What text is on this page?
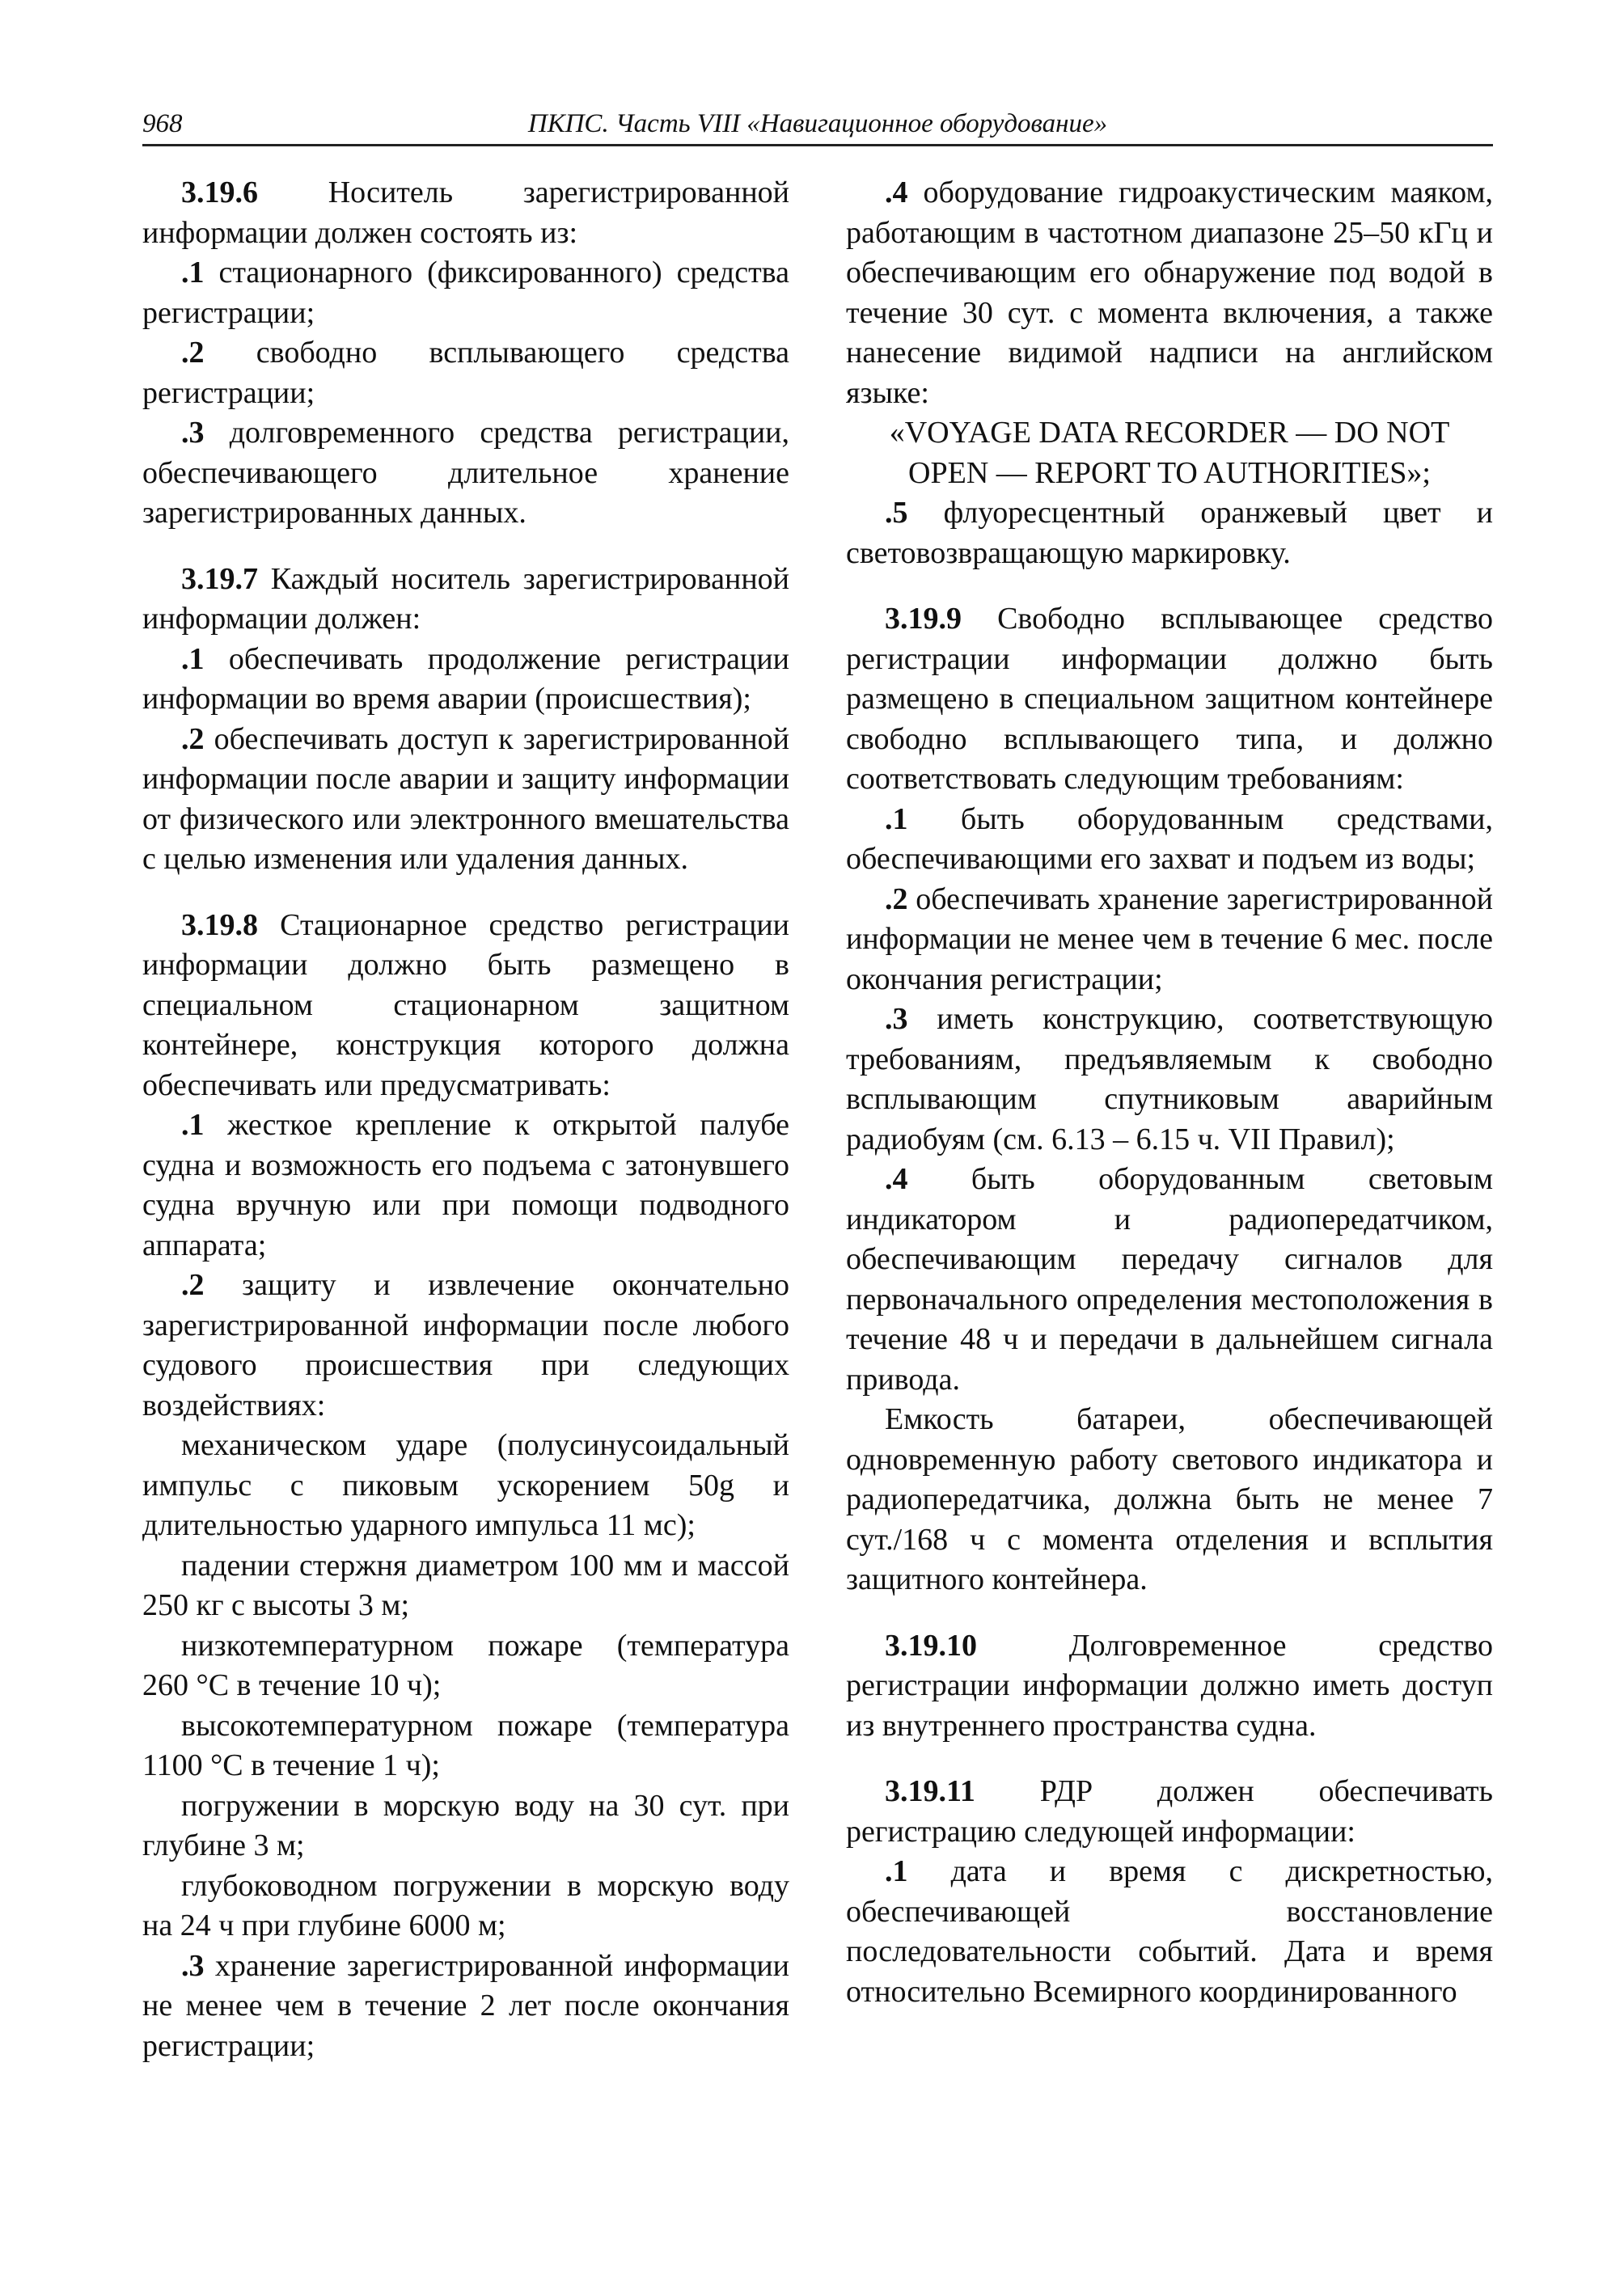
968	ПКПС. Часть VIII «Навигационное оборудование»

3.19.6 Носитель зарегистрированной информации должен состоять из:

.1 стационарного (фиксированного) средства регистрации;

.2 свободно всплывающего средства регистрации;

.3 долговременного средства регистрации, обеспечивающего длительное хранение зарегистрированных данных.

3.19.7 Каждый носитель зарегистрированной информации должен:

.1 обеспечивать продолжение регистрации информации во время аварии (происшествия);

.2 обеспечивать доступ к зарегистрированной информации после аварии и защиту информации от физического или электронного вмешательства с целью изменения или удаления данных.

3.19.8 Стационарное средство регистрации информации должно быть размещено в специальном стационарном защитном контейнере, конструкция которого должна обеспечивать или предусматривать:

.1 жесткое крепление к открытой палубе судна и возможность его подъема с затонувшего судна вручную или при помощи подводного аппарата;

.2 защиту и извлечение окончательно зарегистрированной информации после любого судового происшествия при следующих воздействиях:

механическом ударе (полусинусоидальный импульс с пиковым ускорением 50g и длительностью ударного импульса 11 мс);

падении стержня диаметром 100 мм и массой 250 кг с высоты 3 м;

низкотемпературном пожаре (температура 260 °С в течение 10 ч);

высокотемпературном пожаре (температура 1100 °С в течение 1 ч);

погружении в морскую воду на 30 сут. при глубине 3 м;

глубоководном погружении в морскую воду на 24 ч при глубине 6000 м;

.3 хранение зарегистрированной информации не менее чем в течение 2 лет после окончания регистрации;

.4 оборудование гидроакустическим маяком, работающим в частотном диапазоне 25–50 кГц и обеспечивающим его обнаружение под водой в течение 30 сут. с момента включения, а также нанесение видимой надписи на английском языке:

«VOYAGE DATA RECORDER — DO NOT OPEN — REPORT TO AUTHORITIES»;

.5 флуоресцентный оранжевый цвет и световозвращающую маркировку.

3.19.9 Свободно всплывающее средство регистрации информации должно быть размещено в специальном защитном контейнере свободно всплывающего типа, и должно соответствовать следующим требованиям:

.1 быть оборудованным средствами, обеспечивающими его захват и подъем из воды;

.2 обеспечивать хранение зарегистрированной информации не менее чем в течение 6 мес. после окончания регистрации;

.3 иметь конструкцию, соответствующую требованиям, предъявляемым к свободно всплывающим спутниковым аварийным радиобуям (см. 6.13 – 6.15 ч. VII Правил);

.4 быть оборудованным световым индикатором и радиопередатчиком, обеспечивающим передачу сигналов для первоначального определения местоположения в течение 48 ч и передачи в дальнейшем сигнала привода.

Емкость батареи, обеспечивающей одновременную работу светового индикатора и радиопередатчика, должна быть не менее 7 сут./168 ч с момента отделения и всплытия защитного контейнера.

3.19.10 Долговременное средство регистрации информации должно иметь доступ из внутреннего пространства судна.

3.19.11 РДР должен обеспечивать регистрацию следующей информации:

.1 дата и время с дискретностью, обеспечивающей восстановление последовательности событий. Дата и время относительно Всемирного координированного
